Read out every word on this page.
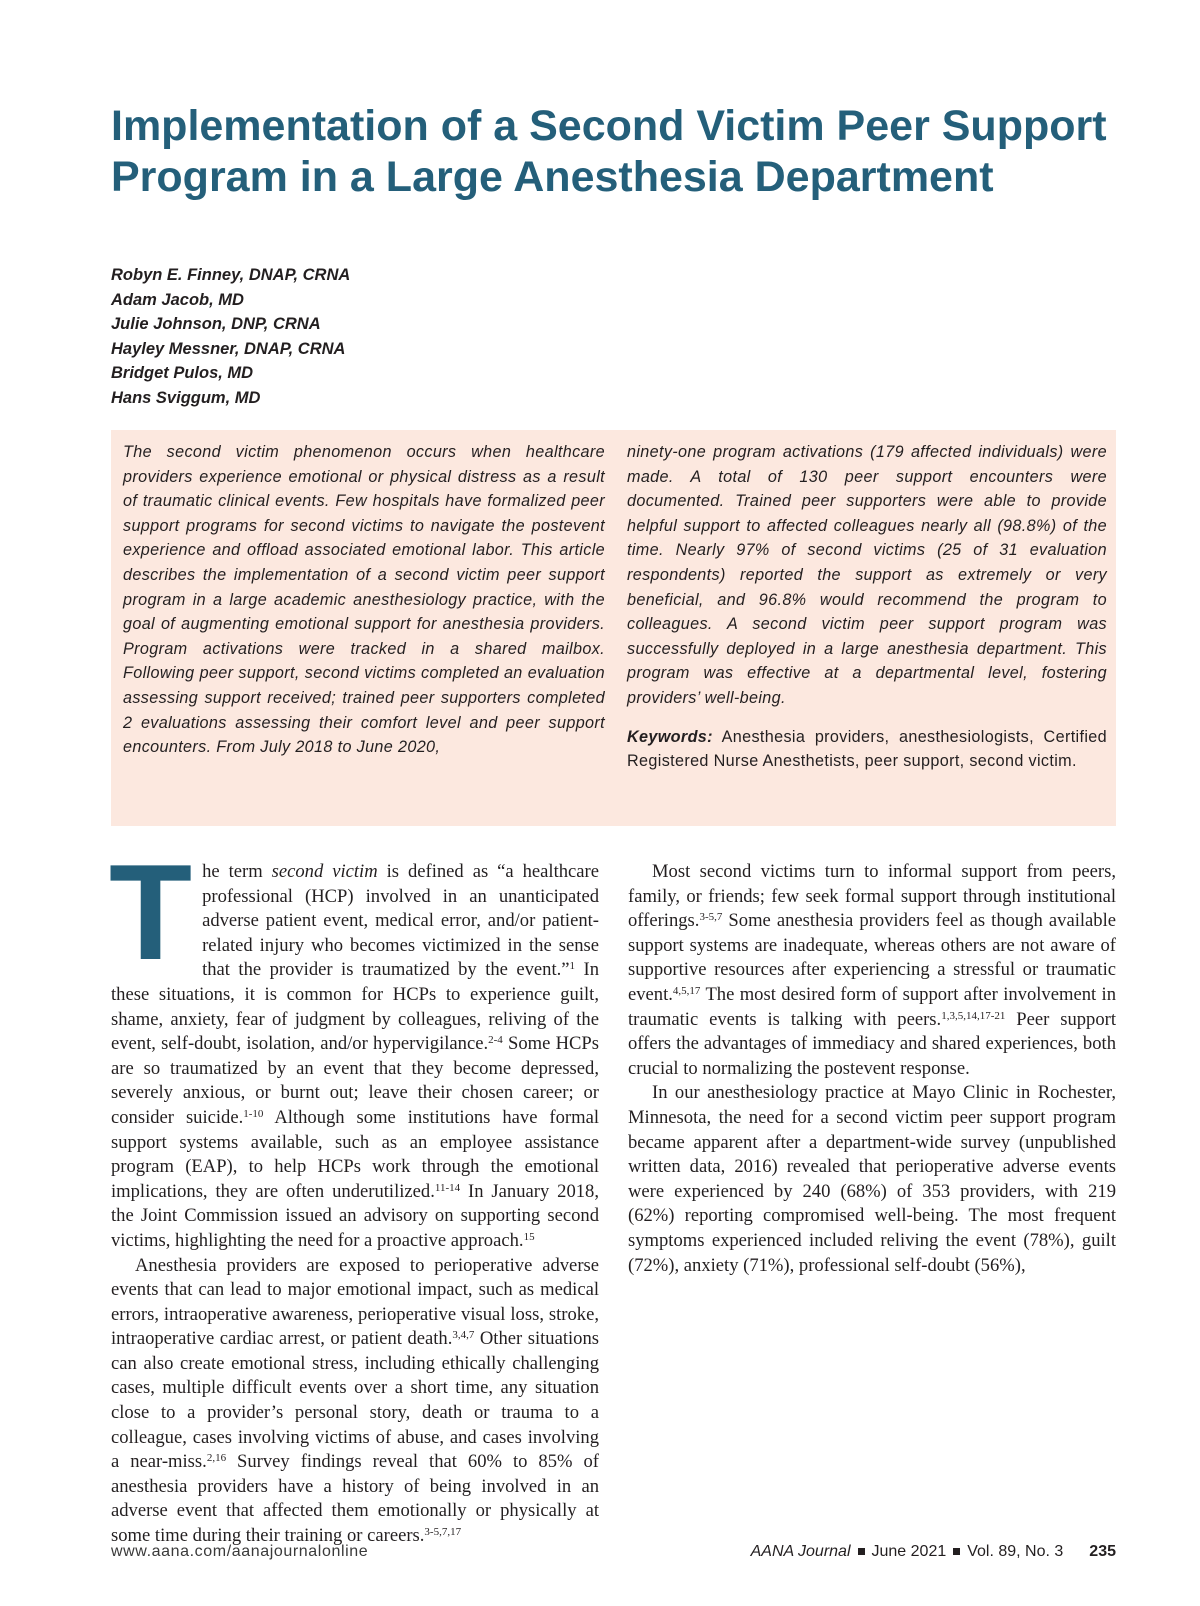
Implementation of a Second Victim Peer Support Program in a Large Anesthesia Department
Robyn E. Finney, DNAP, CRNA
Adam Jacob, MD
Julie Johnson, DNP, CRNA
Hayley Messner, DNAP, CRNA
Bridget Pulos, MD
Hans Sviggum, MD

The second victim phenomenon occurs when healthcare providers experience emotional or physical distress as a result of traumatic clinical events. Few hospitals have formalized peer support programs for second victims to navigate the postevent experience and offload associated emotional labor. This article describes the implementation of a second victim peer support program in a large academic anesthesiology practice, with the goal of augmenting emotional support for anesthesia providers. Program activations were tracked in a shared mailbox. Following peer support, second victims completed an evaluation assessing support received; trained peer supporters completed 2 evaluations assessing their comfort level and peer support encounters. From July 2018 to June 2020,

ninety-one program activations (179 affected individuals) were made. A total of 130 peer support encounters were documented. Trained peer supporters were able to provide helpful support to affected colleagues nearly all (98.8%) of the time. Nearly 97% of second victims (25 of 31 evaluation respondents) reported the support as extremely or very beneficial, and 96.8% would recommend the program to colleagues. A second victim peer support program was successfully deployed in a large anesthesia department. This program was effective at a departmental level, fostering providers’ well-being.

Keywords: Anesthesia providers, anesthesiologists, Certified Registered Nurse Anesthetists, peer support, second victim.

The term second victim is defined as “a healthcare professional (HCP) involved in an unanticipated adverse patient event, medical error, and/or patient-related injury who becomes victimized in the sense that the provider is traumatized by the event.”$^1$ In these situations, it is common for HCPs to experience guilt, shame, anxiety, fear of judgment by colleagues, reliving of the event, self-doubt, isolation, and/or hypervigilance.$^{2-4}$ Some HCPs are so traumatized by an event that they become depressed, severely anxious, or burnt out; leave their chosen career; or consider suicide.$^{1-10}$ Although some institutions have formal support systems available, such as an employee assistance program (EAP), to help HCPs work through the emotional implications, they are often underutilized.$^{11-14}$ In January 2018, the Joint Commission issued an advisory on supporting second victims, highlighting the need for a proactive approach.$^{15}$

Anesthesia providers are exposed to perioperative adverse events that can lead to major emotional impact, such as medical errors, intraoperative awareness, perioperative visual loss, stroke, intraoperative cardiac arrest, or patient death.$^{3,4,7}$ Other situations can also create emotional stress, including ethically challenging cases, multiple difficult events over a short time, any situation close to a provider’s personal story, death or trauma to a colleague, cases involving victims of abuse, and cases involving a near-miss.$^{2,16}$ Survey findings reveal that 60% to 85% of anesthesia providers have a history of being involved in an adverse event that affected them emotionally or physically at some time during their training or careers.$^{3-5,7,17}$

Most second victims turn to informal support from peers, family, or friends; few seek formal support through institutional offerings.$^{3-5,7}$ Some anesthesia providers feel as though available support systems are inadequate, whereas others are not aware of supportive resources after experiencing a stressful or traumatic event.$^{4,5,17}$ The most desired form of support after involvement in traumatic events is talking with peers.$^{1,3,5,14,17-21}$ Peer support offers the advantages of immediacy and shared experiences, both crucial to normalizing the postevent response.

In our anesthesiology practice at Mayo Clinic in Rochester, Minnesota, the need for a second victim peer support program became apparent after a department-wide survey (unpublished written data, 2016) revealed that perioperative adverse events were experienced by 240 (68%) of 353 providers, with 219 (62%) reporting compromised well-being. The most frequent symptoms experienced included reliving the event (78%), guilt (72%), anxiety (71%), professional self-doubt (56%),

www.aana.com/aanajournalonline	AANA Journal June 2021 Vol. 89, No. 3 235
